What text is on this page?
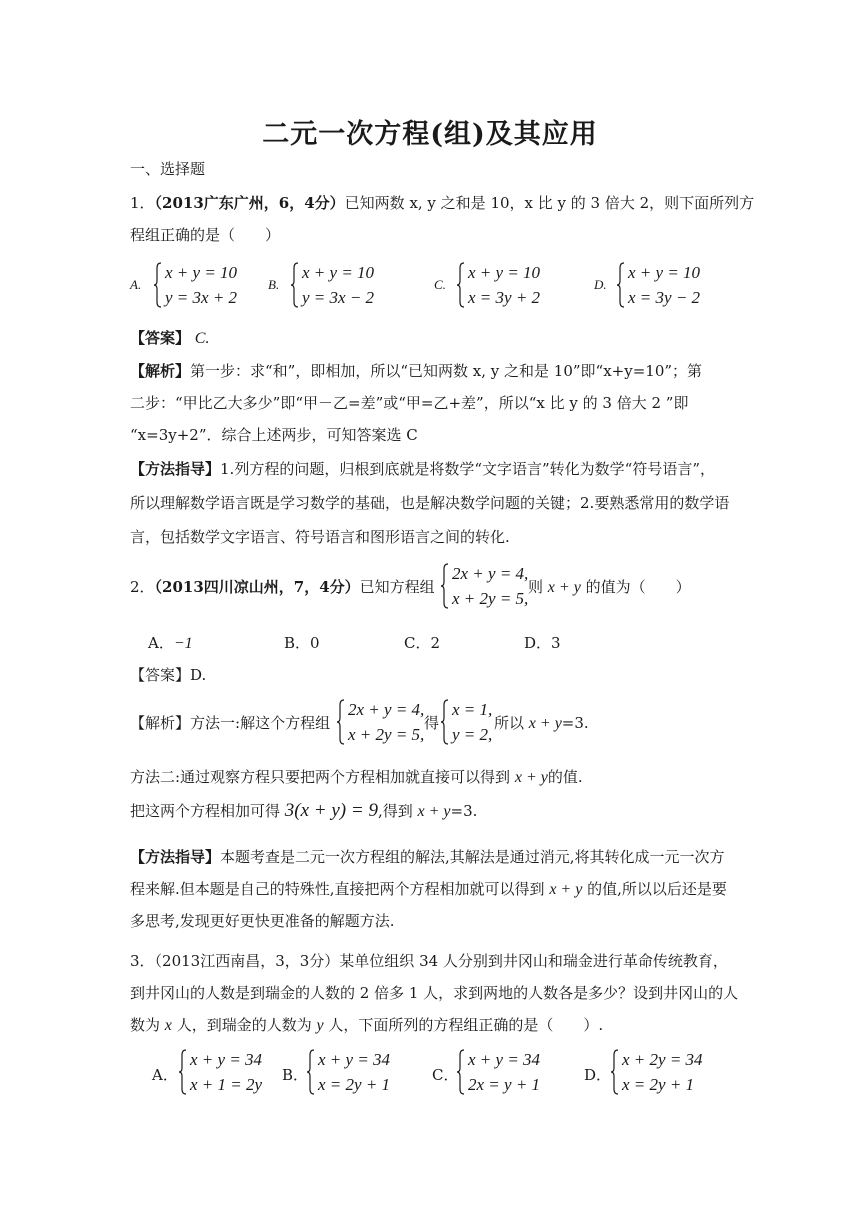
二元一次方程(组)及其应用
一、选择题
1．（2013广东广州，6，4分）已知两数 x, y 之和是 10，x 比 y 的 3 倍大 2，则下面所列方
程组正确的是（　　）
A.
x + y = 10
y = 3x + 2
B.
x + y = 10
y = 3x − 2
C.
x + y = 10
x = 3y + 2
D.
x + y = 10
x = 3y − 2
【答案】 C.
【解析】第一步：求“和”，即相加，所以“已知两数 x, y 之和是 10”即“x+y=10”；第
二步：“甲比乙大多少”即“甲－乙=差”或“甲=乙+差”，所以“x 比 y 的 3 倍大 2 ”即
“x=3y+2”．综合上述两步，可知答案选 C
【方法指导】1.列方程的问题，归根到底就是将数学“文字语言”转化为数学“符号语言”，
所以理解数学语言既是学习数学的基础，也是解决数学问题的关键；2.要熟悉常用的数学语
言，包括数学文字语言、符号语言和图形语言之间的转化.
2．（2013四川凉山州，7，4分）已知方程组
2x + y = 4,
x + 2y = 5,
则 x + y 的值为（　　）
A．−1	B．0	C．2	D．3
【答案】D.
【解析】方法一:解这个方程组
2x + y = 4,
x + 2y = 5,
得
x = 1,
y = 2,
所以 x + y=3.
方法二:通过观察方程只要把两个方程相加就直接可以得到 x + y的值.
把这两个方程相加可得 3(x + y) = 9,得到 x + y=3.
【方法指导】本题考查是二元一次方程组的解法,其解法是通过消元,将其转化成一元一次方
程来解.但本题是自己的特殊性,直接把两个方程相加就可以得到 x + y 的值,所以以后还是要
多思考,发现更好更快更准备的解题方法.
3．（2013江西南昌，3，3分）某单位组织 34 人分别到井冈山和瑞金进行革命传统教育，
到井冈山的人数是到瑞金的人数的 2 倍多 1 人，求到两地的人数各是多少？设到井冈山的人
数为 x 人，到瑞金的人数为 y 人，下面所列的方程组正确的是（　　）.
A．
x + y = 34
x + 1 = 2y B．
x + y = 34
x = 2y + 1	C．
x + y = 34
2x = y + 1	D．
x + 2y = 34
x = 2y + 1
